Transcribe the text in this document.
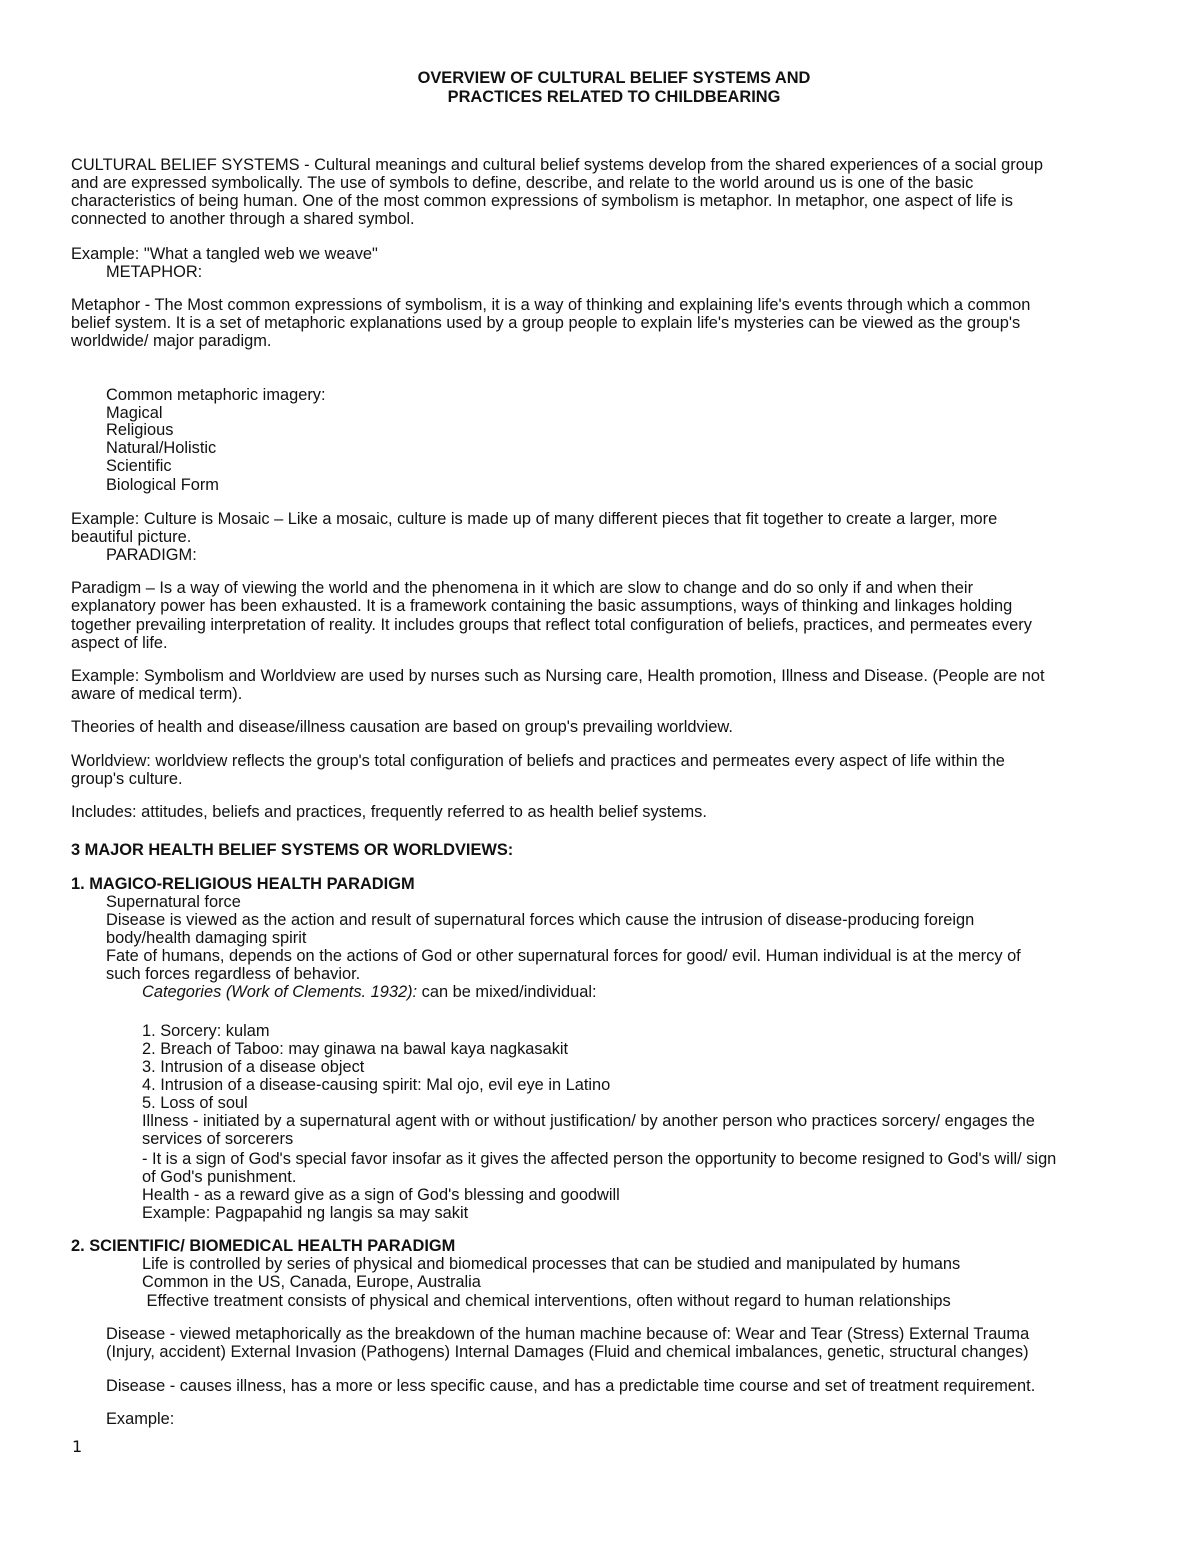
OVERVIEW OF CULTURAL BELIEF SYSTEMS AND
PRACTICES RELATED TO CHILDBEARING
CULTURAL BELIEF SYSTEMS - Cultural meanings and cultural belief systems develop from the shared experiences of a social group
and are expressed symbolically. The use of symbols to define, describe, and relate to the world around us is one of the basic
characteristics of being human. One of the most common expressions of symbolism is metaphor. In metaphor, one aspect of life is
connected to another through a shared symbol.
Example: "What a tangled web we weave"
METAPHOR:
Metaphor - The Most common expressions of symbolism, it is a way of thinking and explaining life's events through which a common
belief system. It is a set of metaphoric explanations used by a group people to explain life's mysteries can be viewed as the group's
worldwide/ major paradigm.
Common metaphoric imagery:
Magical
Religious
Natural/Holistic
Scientific
Biological Form
Example: Culture is Mosaic – Like a mosaic, culture is made up of many different pieces that fit together to create a larger, more
beautiful picture.
PARADIGM:
Paradigm – Is a way of viewing the world and the phenomena in it which are slow to change and do so only if and when their
explanatory power has been exhausted. It is a framework containing the basic assumptions, ways of thinking and linkages holding
together prevailing interpretation of reality. It includes groups that reflect total configuration of beliefs, practices, and permeates every
aspect of life.
Example: Symbolism and Worldview are used by nurses such as Nursing care, Health promotion, Illness and Disease. (People are not
aware of medical term).
Theories of health and disease/illness causation are based on group's prevailing worldview.
Worldview: worldview reflects the group's total configuration of beliefs and practices and permeates every aspect of life within the
group's culture.
Includes: attitudes, beliefs and practices, frequently referred to as health belief systems.
3 MAJOR HEALTH BELIEF SYSTEMS OR WORLDVIEWS:
1. MAGICO-RELIGIOUS HEALTH PARADIGM
Supernatural force
Disease is viewed as the action and result of supernatural forces which cause the intrusion of disease-producing foreign
body/health damaging spirit
Fate of humans, depends on the actions of God or other supernatural forces for good/ evil. Human individual is at the mercy of
such forces regardless of behavior.
Categories (Work of Clements. 1932): can be mixed/individual:
1. Sorcery: kulam
2. Breach of Taboo: may ginawa na bawal kaya nagkasakit
3. Intrusion of a disease object
4. Intrusion of a disease-causing spirit: Mal ojo, evil eye in Latino
5. Loss of soul
Illness - initiated by a supernatural agent with or without justification/ by another person who practices sorcery/ engages the
services of sorcerers
- It is a sign of God's special favor insofar as it gives the affected person the opportunity to become resigned to God's will/ sign
of God's punishment.
Health - as a reward give as a sign of God's blessing and goodwill
Example: Pagpapahid ng langis sa may sakit
2. SCIENTIFIC/ BIOMEDICAL HEALTH PARADIGM
Life is controlled by series of physical and biomedical processes that can be studied and manipulated by humans
Common in the US, Canada, Europe, Australia
Effective treatment consists of physical and chemical interventions, often without regard to human relationships
Disease - viewed metaphorically as the breakdown of the human machine because of: Wear and Tear (Stress) External Trauma
(Injury, accident) External Invasion (Pathogens) Internal Damages (Fluid and chemical imbalances, genetic, structural changes)
Disease - causes illness, has a more or less specific cause, and has a predictable time course and set of treatment requirement.
Example:
1
